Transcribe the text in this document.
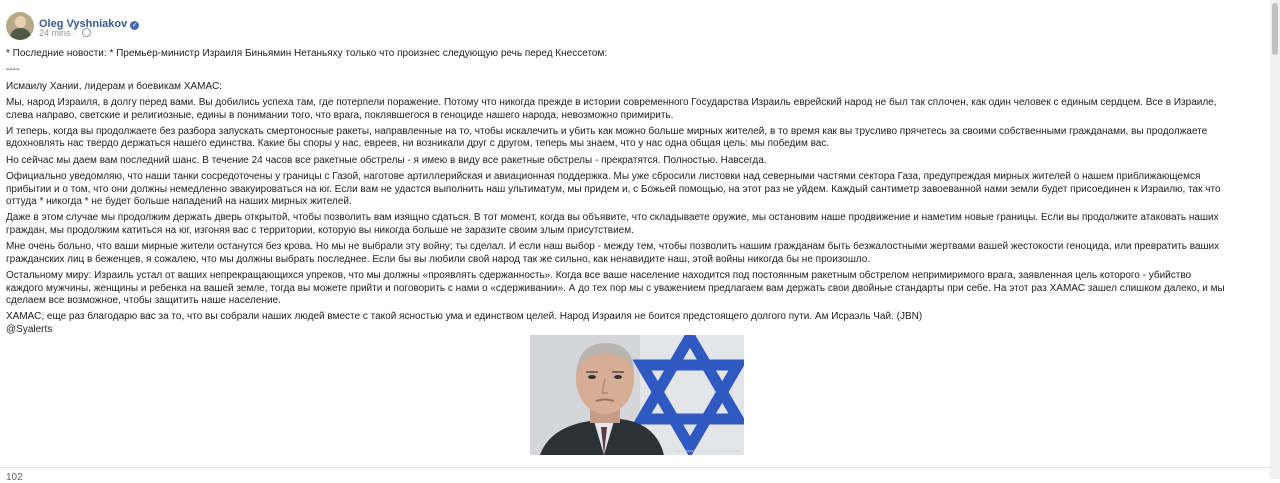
Oleg Vyshniakov ✓
24 mins ·

* Последние новости: * Премьер-министр Израиля Биньямин Нетаньяху только что произнес следующую речь перед Кнессетом:

----

Исмаилу Хании, лидерам и боевикам ХАМАС:

Мы, народ Израиля, в долгу перед вами. Вы добились успеха там, где потерпели поражение. Потому что никогда прежде в истории современного Государства Израиль еврейский народ не был так сплочен, как один человек с единым сердцем. Все в Израиле, слева направо, светские и религиозные, едины в понимании того, что врага, поклявшегося в геноциде нашего народа, невозможно примирить.

И теперь, когда вы продолжаете без разбора запускать смертоносные ракеты, направленные на то, чтобы искалечить и убить как можно больше мирных жителей, в то время как вы трусливо прячетесь за своими собственными гражданами, вы продолжаете вдохновлять нас твердо держаться нашего единства. Какие бы споры у нас, евреев, ни возникали друг с другом, теперь мы знаем, что у нас одна общая цель: мы победим вас.

Но сейчас мы даем вам последний шанс. В течение 24 часов все ракетные обстрелы - я имею в виду все ракетные обстрелы - прекратятся. Полностью. Навсегда.

Официально уведомляю, что наши танки сосредоточены у границы с Газой, наготове артиллерийская и авиационная поддержка. Мы уже сбросили листовки над северными частями сектора Газа, предупреждая мирных жителей о нашем приближающемся прибытии и о том, что они должны немедленно эвакуироваться на юг. Если вам не удастся выполнить наш ультиматум, мы придем и, с Божьей помощью, на этот раз не уйдем. Каждый сантиметр завоеванной нами земли будет присоединен к Израилю, так что оттуда * никогда * не будет больше нападений на наших мирных жителей.

Даже в этом случае мы продолжим держать дверь открытой, чтобы позволить вам изящно сдаться. В тот момент, когда вы объявите, что складываете оружие, мы остановим наше продвижение и наметим новые границы. Если вы продолжите атаковать наших граждан, мы продолжим катиться на юг, изгоняя вас с территории, которую вы никогда больше не заразите своим злым присутствием.

Мне очень больно, что ваши мирные жители останутся без крова. Но мы не выбрали эту войну; ты сделал. И если наш выбор - между тем, чтобы позволить нашим гражданам быть безжалостными жертвами вашей жестокости геноцида, или превратить ваших гражданских лиц в беженцев, я сожалею, что мы должны выбрать последнее. Если бы вы любили свой народ так же сильно, как ненавидите наш, этой войны никогда бы не произошло.

Остальному миру: Израиль устал от ваших непрекращающихся упреков, что мы должны «проявлять сдержанность». Когда все ваше население находится под постоянным ракетным обстрелом непримиримого врага, заявленная цель которого - убийство каждого мужчины, женщины и ребенка на вашей земле, тогда вы можете прийти и поговорить с нами о «сдерживании». А до тех пор мы с уважением предлагаем вам держать свои двойные стандарты при себе. На этот раз ХАМАС зашел слишком далеко, и мы сделаем все возможное, чтобы защитить наше население.

ХАМАС, еще раз благодарю вас за то, что вы собрали наших людей вместе с такой ясностью ума и единством целей. Народ Израиля не боится предстоящего долгого пути. Ам Исраэль Чай. (JBN)

@Syalerts

Foto: picture-alliance/dpa/Gali Tibbon
102
